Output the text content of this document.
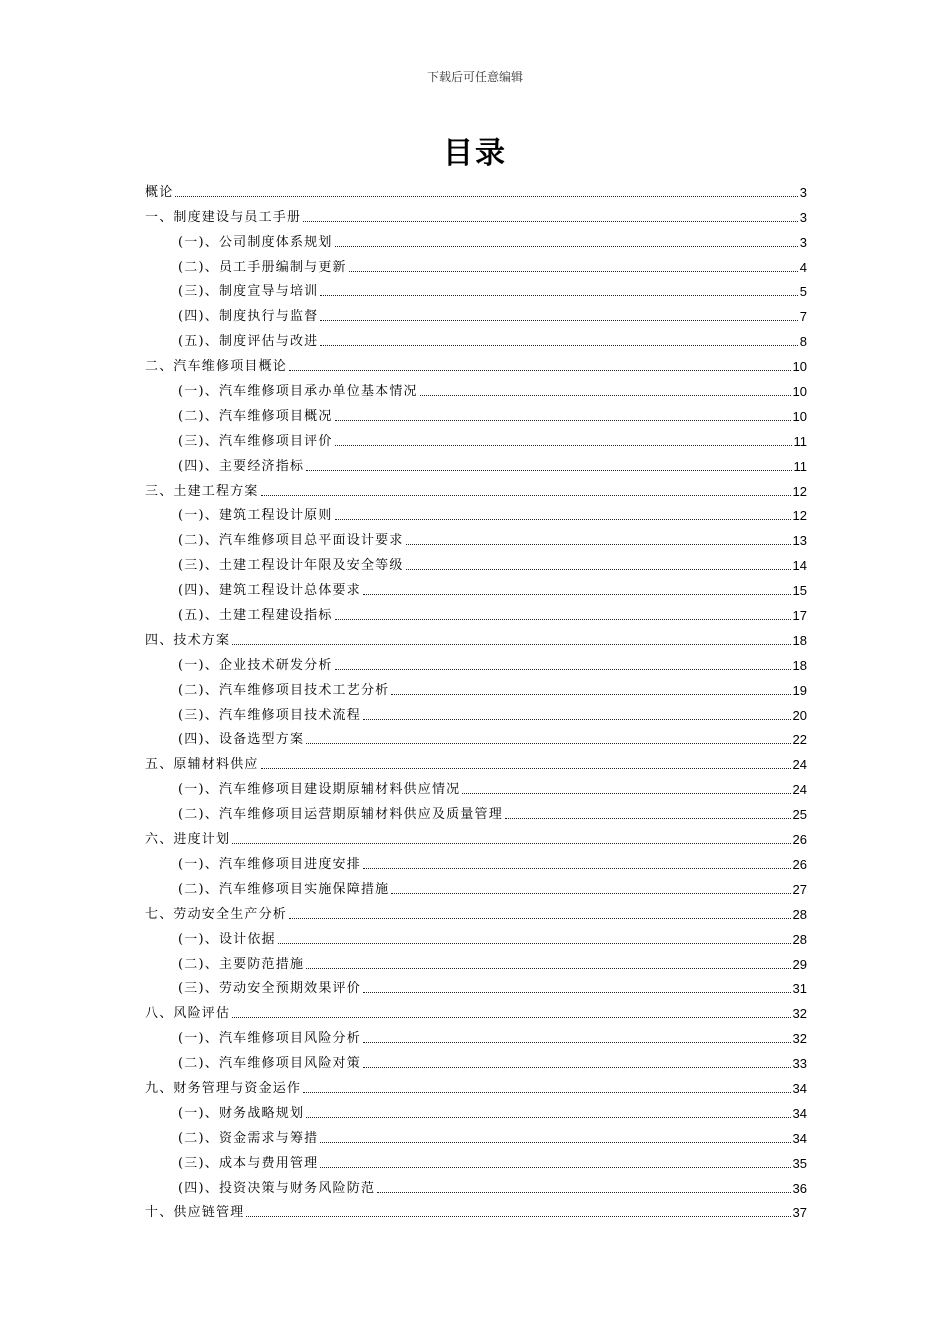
下载后可任意编辑
目录
概论	3
一、制度建设与员工手册	3
(一)、公司制度体系规划	3
(二)、员工手册编制与更新	4
(三)、制度宣导与培训	5
(四)、制度执行与监督	7
(五)、制度评估与改进	8
二、汽车维修项目概论	10
(一)、汽车维修项目承办单位基本情况	10
(二)、汽车维修项目概况	10
(三)、汽车维修项目评价	11
(四)、主要经济指标	11
三、土建工程方案	12
(一)、建筑工程设计原则	12
(二)、汽车维修项目总平面设计要求	13
(三)、土建工程设计年限及安全等级	14
(四)、建筑工程设计总体要求	15
(五)、土建工程建设指标	17
四、技术方案	18
(一)、企业技术研发分析	18
(二)、汽车维修项目技术工艺分析	19
(三)、汽车维修项目技术流程	20
(四)、设备选型方案	22
五、原辅材料供应	24
(一)、汽车维修项目建设期原辅材料供应情况	24
(二)、汽车维修项目运营期原辅材料供应及质量管理	25
六、进度计划	26
(一)、汽车维修项目进度安排	26
(二)、汽车维修项目实施保障措施	27
七、劳动安全生产分析	28
(一)、设计依据	28
(二)、主要防范措施	29
(三)、劳动安全预期效果评价	31
八、风险评估	32
(一)、汽车维修项目风险分析	32
(二)、汽车维修项目风险对策	33
九、财务管理与资金运作	34
(一)、财务战略规划	34
(二)、资金需求与筹措	34
(三)、成本与费用管理	35
(四)、投资决策与财务风险防范	36
十、供应链管理	37
